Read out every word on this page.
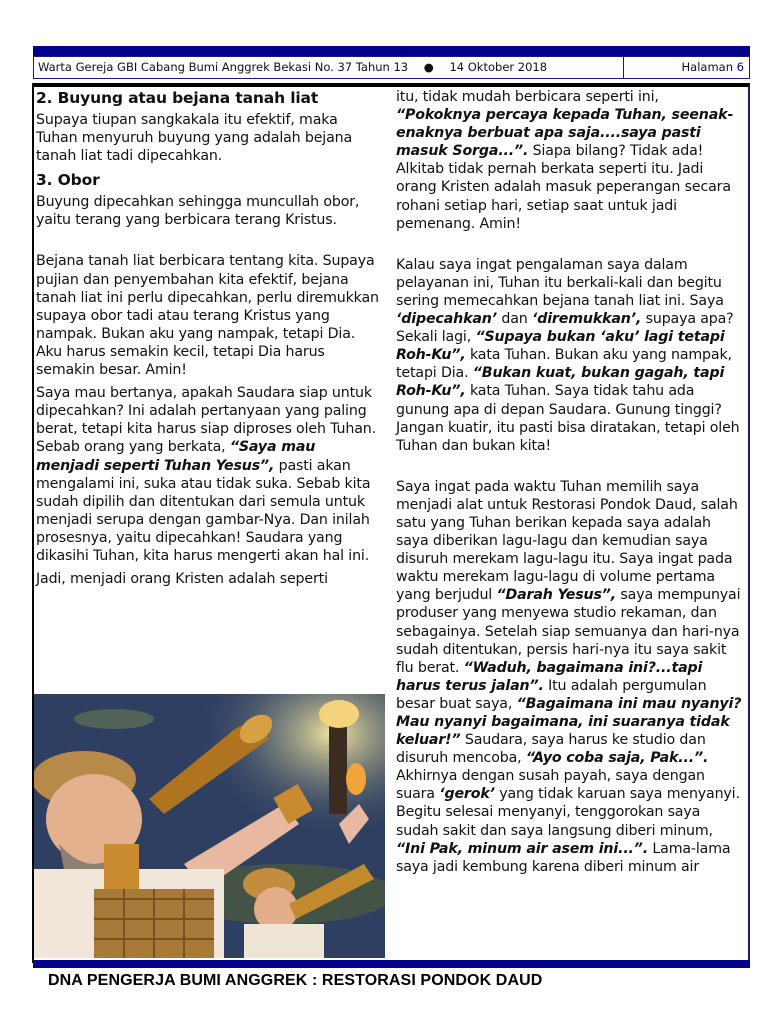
Warta Gereja GBI Cabang Bumi Anggrek Bekasi No. 37 Tahun 13 ● 14 Oktober 2018	Halaman 6
2. Buyung atau bejana tanah liat

Supaya tiupan sangkakala itu efektif, maka Tuhan menyuruh buyung yang adalah bejana tanah liat tadi dipecahkan.

3. Obor

Buyung dipecahkan sehingga muncullah obor, yaitu terang yang berbicara terang Kristus.

Bejana tanah liat berbicara tentang kita. Supaya pujian dan penyembahan kita efektif, bejana tanah liat ini perlu dipecahkan, perlu diremukkan supaya obor tadi atau terang Kristus yang nampak. Bukan aku yang nampak, tetapi Dia. Aku harus semakin kecil, tetapi Dia harus semakin besar. Amin!

Saya mau bertanya, apakah Saudara siap untuk dipecahkan? Ini adalah pertanyaan yang paling berat, tetapi kita harus siap diproses oleh Tuhan. Sebab orang yang berkata, “Saya mau menjadi seperti Tuhan Yesus”, pasti akan mengalami ini, suka atau tidak suka. Sebab kita sudah dipilih dan ditentukan dari semula untuk menjadi serupa dengan gambar-Nya. Dan inilah prosesnya, yaitu dipecahkan! Saudara yang dikasihi Tuhan, kita harus mengerti akan hal ini.

Jadi, menjadi orang Kristen adalah seperti

itu, tidak mudah berbicara seperti ini, “Pokoknya percaya kepada Tuhan, seenak-enaknya berbuat apa saja....saya pasti masuk Sorga...”. Siapa bilang? Tidak ada! Alkitab tidak pernah berkata seperti itu. Jadi orang Kristen adalah masuk peperangan secara rohani setiap hari, setiap saat untuk jadi pemenang. Amin!

Kalau saya ingat pengalaman saya dalam pelayanan ini, Tuhan itu berkali-kali dan begitu sering memecahkan bejana tanah liat ini. Saya ‘dipecahkan’ dan ‘diremukkan’, supaya apa? Sekali lagi, “Supaya bukan ‘aku’ lagi tetapi Roh-Ku”, kata Tuhan. Bukan aku yang nampak, tetapi Dia. “Bukan kuat, bukan gagah, tapi Roh-Ku”, kata Tuhan. Saya tidak tahu ada gunung apa di depan Saudara. Gunung tinggi? Jangan kuatir, itu pasti bisa diratakan, tetapi oleh Tuhan dan bukan kita!

Saya ingat pada waktu Tuhan memilih saya menjadi alat untuk Restorasi Pondok Daud, salah satu yang Tuhan berikan kepada saya adalah saya diberikan lagu-lagu dan kemudian saya disuruh merekam lagu-lagu itu. Saya ingat pada waktu merekam lagu-lagu di volume pertama yang berjudul “Darah Yesus”, saya mempunyai produser yang menyewa studio rekaman, dan sebagainya. Setelah siap semuanya dan hari-nya sudah ditentukan, persis hari-nya itu saya sakit flu berat. “Waduh, bagaimana ini?...tapi harus terus jalan”. Itu adalah pergumulan besar buat saya, “Bagaimana ini mau nyanyi? Mau nyanyi bagaimana, ini suaranya tidak keluar!” Saudara, saya harus ke studio dan disuruh mencoba, “Ayo coba saja, Pak...”. Akhirnya dengan susah payah, saya dengan suara ‘gerok’ yang tidak karuan saya menyanyi. Begitu selesai menyanyi, tenggorokan saya sudah sakit dan saya langsung diberi minum, “Ini Pak, minum air asem ini...”. Lama-lama saya jadi kembung karena diberi minum air

DNA PENGERJA BUMI ANGGREK : RESTORASI PONDOK DAUD
